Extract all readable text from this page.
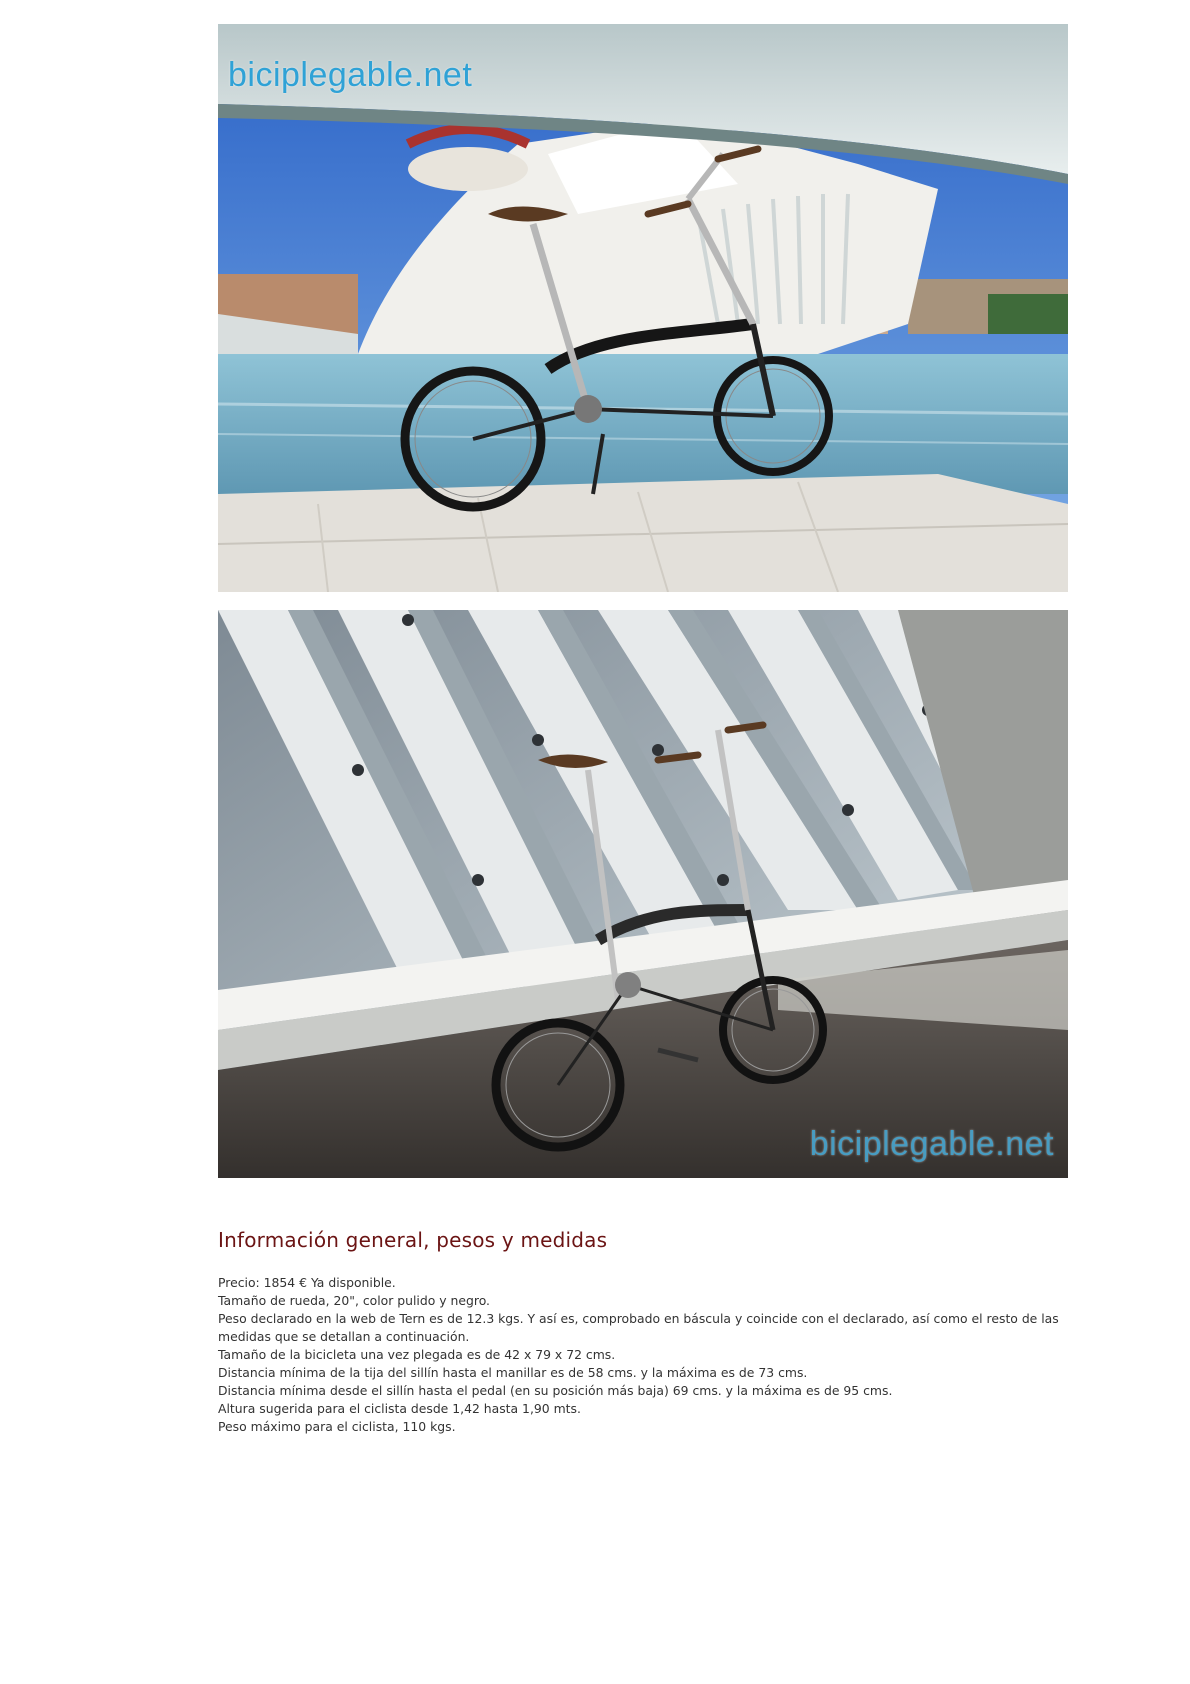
biciplegable.net
biciplegable.net
Información general, pesos y medidas
Precio: 1854 € Ya disponible.
Tamaño de rueda, 20", color pulido y negro.
Peso declarado en la web de Tern es de 12.3 kgs. Y así es, comprobado en báscula y coincide con el declarado, así como el resto de las medidas que se detallan a continuación.
Tamaño de la bicicleta una vez plegada es de 42 x 79 x 72 cms.
Distancia mínima de la tija del sillín hasta el manillar es de 58 cms. y la máxima es de 73 cms.
Distancia mínima desde el sillín hasta el pedal (en su posición más baja) 69 cms. y la máxima es de 95 cms.
Altura sugerida para el ciclista desde 1,42 hasta 1,90 mts.
Peso máximo para el ciclista, 110 kgs.
